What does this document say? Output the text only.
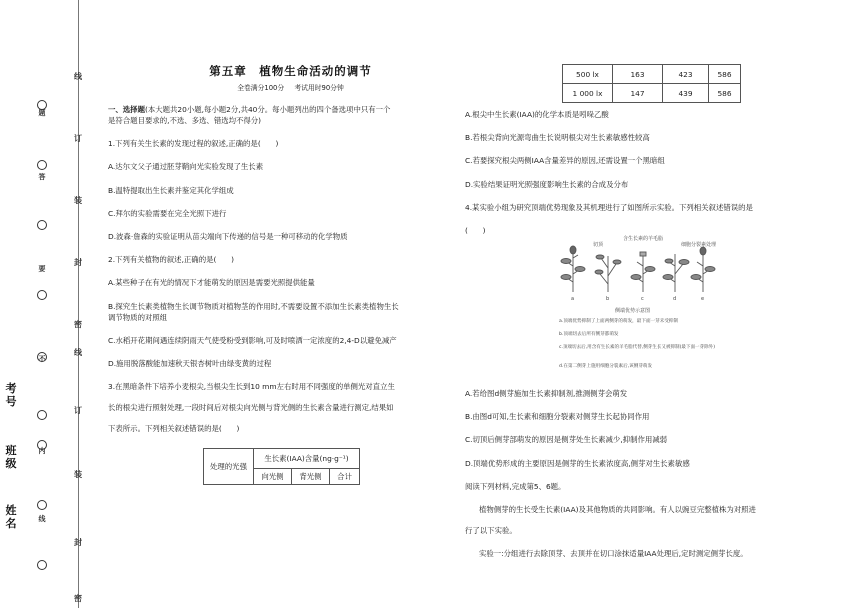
线
订
装
封
密
线
订
装
封
密
题
答
要
不
内
线
考号
班级
姓名
第五章　植物生命活动的调节
全卷满分100分 考试用时90分钟
一、选择题(本大题共20小题,每小题2分,共40分。每小题列出的四个备选项中只有一个
是符合题目要求的,不选、多选、错选均不得分)
1.下列有关生长素的发现过程的叙述,正确的是(　　)
A.达尔文父子通过胚芽鞘向光实验发现了生长素
B.温特提取出生长素并鉴定其化学组成
C.拜尔的实验需要在完全光照下进行
D.波森·詹森的实验证明从苗尖端向下传递的信号是一种可移动的化学物质
2.下列有关植物的叙述,正确的是(　　)
A.某些种子在有光的情况下才能萌发的原因是需要光照提供能量
B.探究生长素类植物生长调节物质对植物茎的作用时,不需要设置不添加生长素类植物生长
调节物质的对照组
C.水稻开花期间遇连续阴雨天气使受粉受到影响,可及时喷洒一定浓度的2,4-D以避免减产
D.施用脱落酸能加速秋天银杏树叶由绿变黄的过程
3.在黑暗条件下培养小麦根尖,当根尖生长到10 mm左右时用不同强度的单侧光对直立生
长的根尖进行照射处理,一段时间后对根尖向光侧与背光侧的生长素含量进行测定,结果如
下表所示。下列相关叙述错误的是(　　)
处理的光强	生长素(IAA)含量(ng·g⁻¹)		
	向光侧	背光侧	合计
500 lx	163	423	586
1 000 lx	147	439	586
A.根尖中生长素(IAA)的化学本质是吲哚乙酸
B.若根尖背向光源弯曲生长说明根尖对生长素敏感性较高
C.若要探究根尖两侧IAA含量差异的原因,还需设置一个黑暗组
D.实验结果证明光照强度影响生长素的合成及分布
4.某实验小组为研究顶端优势现象及其机理进行了如图所示实验。下列相关叙述错误的是
(　　)
切顶
含生长素的羊毛脂
细胞分裂素处理
a	b	c	d	e
侧端优势示意图
a.顶端优势抑制了上面两侧芽的萌发，最下面一芽未受抑制
b.顶端切去后所有侧芽都萌发
c.顶端切去后,用含有生长素的羊毛脂代替,侧芽生长又被抑制(最下面一芽除外)
d.在第二侧芽上施用细胞分裂素后,该侧芽萌发
A.若给图d侧芽施加生长素抑制剂,推测侧芽会萌发
B.由图d可知,生长素和细胞分裂素对侧芽生长起协同作用
C.切顶后侧芽部萌发的原因是侧芽处生长素减少,抑制作用减弱
D.顶端优势形成的主要原因是侧芽的生长素浓度高,侧芽对生长素敏感
阅读下列材料,完成第5、6题。
植物侧芽的生长受生长素(IAA)及其他物质的共同影响。有人以豌豆完整植株为对照进
行了以下实验。
实验一:分组进行去除顶芽、去顶并在切口涂抹适量IAA处理后,定时测定侧芽长度。
